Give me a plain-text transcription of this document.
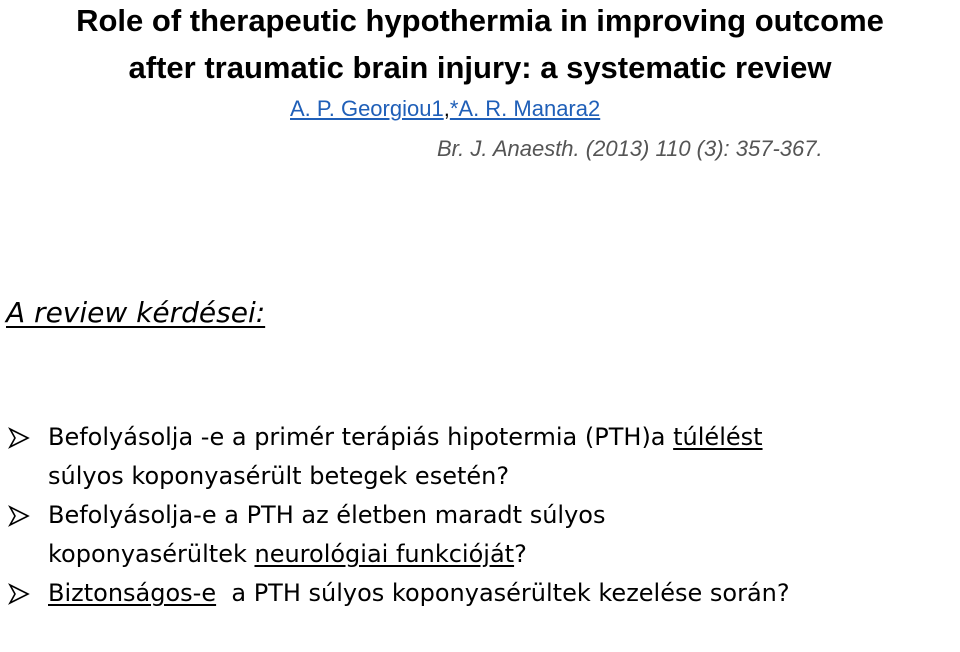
Role of therapeutic hypothermia in improving outcome
after traumatic brain injury: a systematic review
A. P. Georgiou1,*A. R. Manara2
Br. J. Anaesth. (2013) 110 (3): 357-367.
A review kérdései:
Befolyásolja -e a primér terápiás hipotermia (PTH)a túlélést
súlyos koponyasérült betegek esetén?
Befolyásolja-e a PTH az életben maradt súlyos
koponyasérültek neurológiai funkcióját?
Biztonságos-e  a PTH súlyos koponyasérültek kezelése során?
